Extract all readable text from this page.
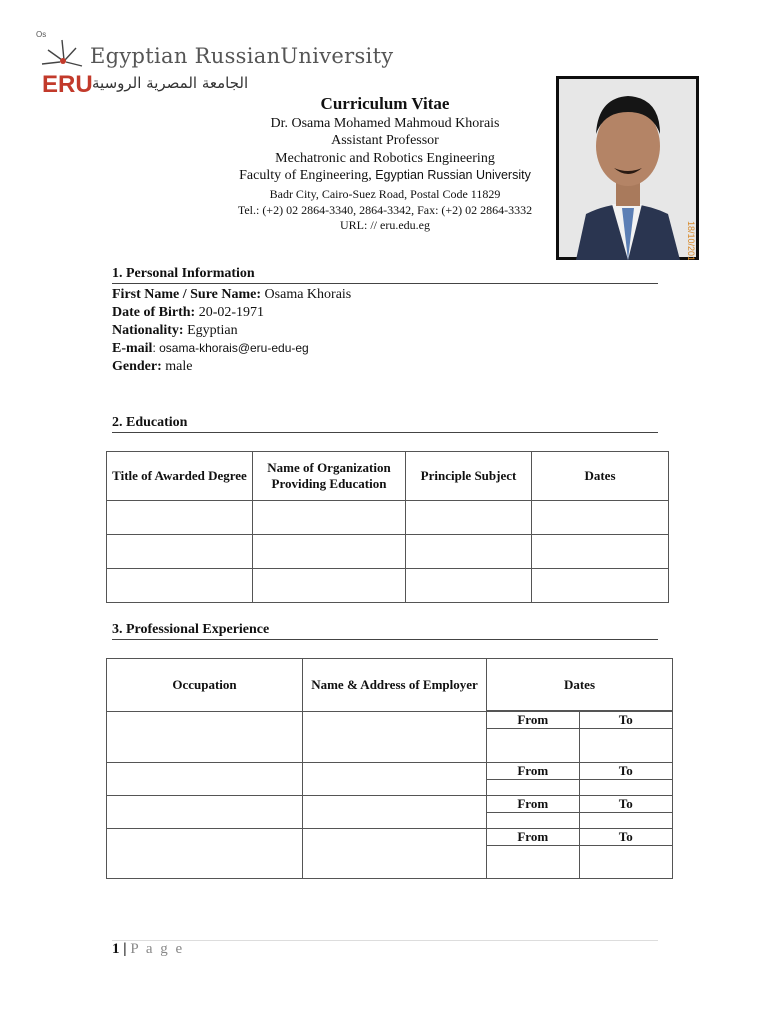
Os
ERU
Egyptian RussianUniversity
الجامعة المصرية الروسية
Curriculum Vitae
Dr. Osama Mohamed Mahmoud Khorais
Assistant Professor
Mechatronic and Robotics Engineering
Faculty of Engineering, Egyptian Russian University
Badr City, Cairo-Suez Road, Postal Code 11829
Tel.: (+2) 02 2864-3340, 2864-3342, Fax: (+2) 02 2864-3332
URL: // eru.edu.eg	18/10/201
1. Personal Information
First Name / Sure Name: Osama Khorais
Date of Birth: 20-02-1971
Nationality: Egyptian
E-mail: osama-khorais@eru-edu-eg
Gender: male
2. Education
Title of Awarded Degree	Name of Organization Providing Education	Principle Subject	Dates

3. Professional Experience
Occupation	Name & Address of Employer	Dates	

		From	To

		From	To

		From	To

		From	To

1 | P a g e
